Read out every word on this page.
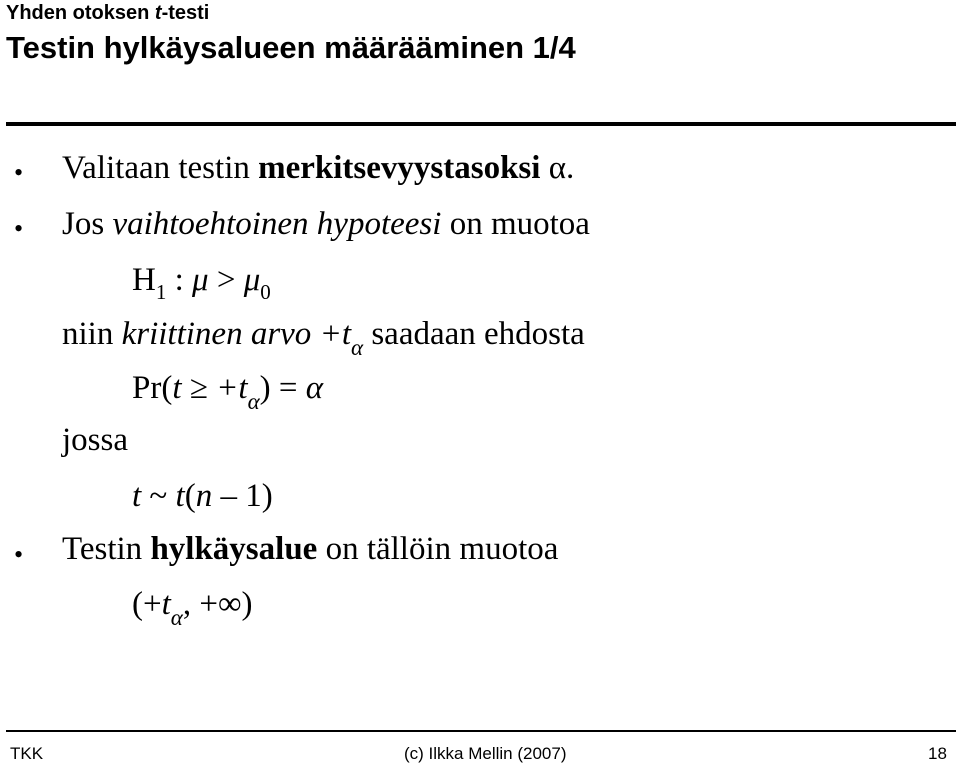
Yhden otoksen t-testi
Testin hylkäysalueen määrääminen 1/4
• Valitaan testin merkitsevyystasoksi α.
• Jos vaihtoehtoinen hypoteesi on muotoa
$H_1$ : $\mu > \mu_0$
niin kriittinen arvo $+t_\alpha$ saadaan ehdosta
$Pr(t \ge +t_\alpha) = \alpha$
jossa
t ~ t(n – 1)
• Testin hylkäysalue on tällöin muotoa
($+t_\alpha$, +∞)
TKK	(c) Ilkka Mellin (2007)	18
